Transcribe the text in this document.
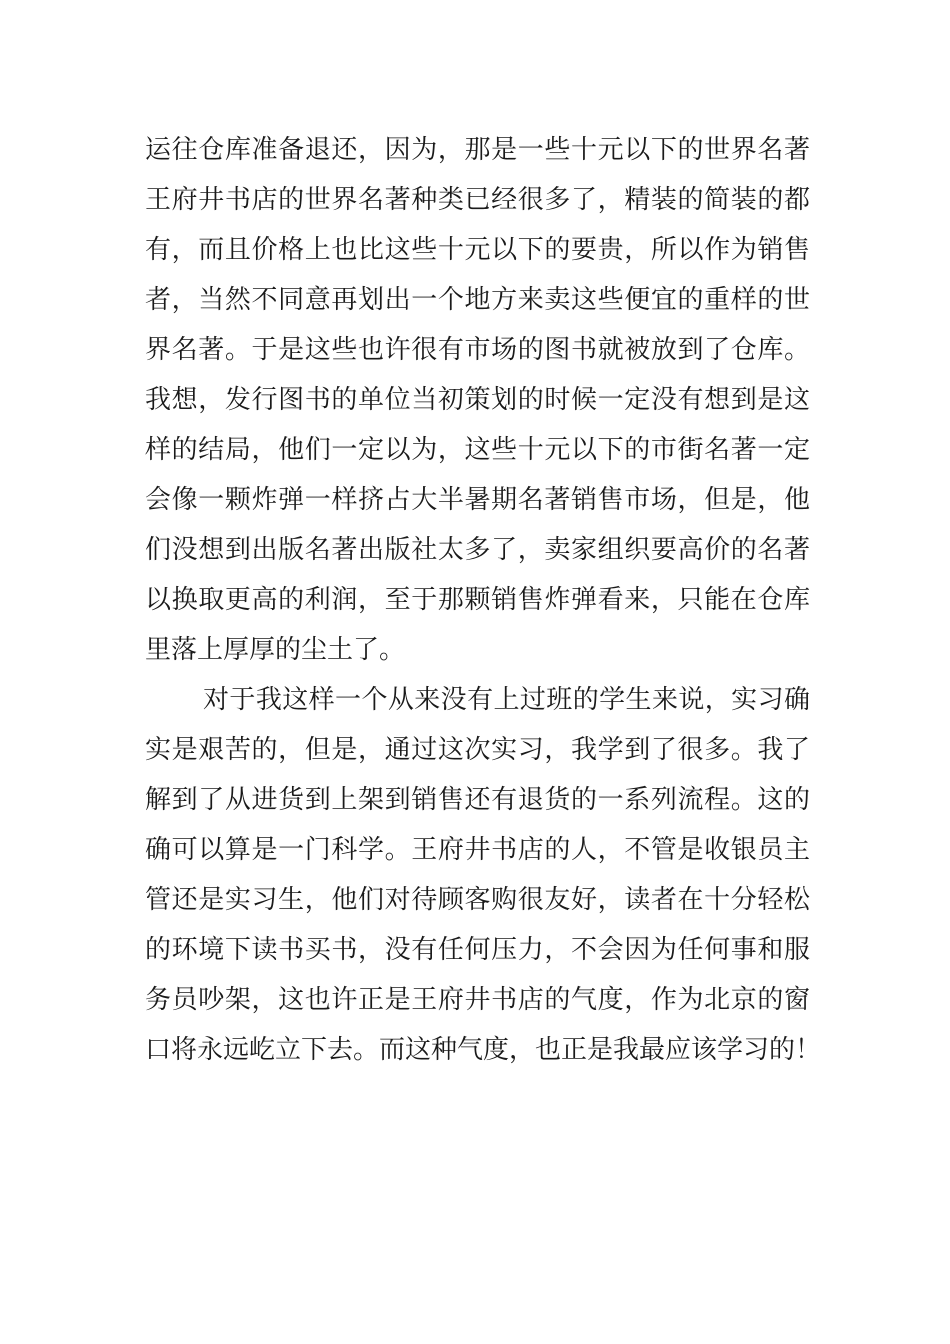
运往仓库准备退还，因为，那是一些十元以下的世界名著
王府井书店的世界名著种类已经很多了，精装的简装的都
有，而且价格上也比这些十元以下的要贵，所以作为销售
者，当然不同意再划出一个地方来卖这些便宜的重样的世
界名著。于是这些也许很有市场的图书就被放到了仓库。
我想，发行图书的单位当初策划的时候一定没有想到是这
样的结局，他们一定以为，这些十元以下的市街名著一定
会像一颗炸弹一样挤占大半暑期名著销售市场，但是，他
们没想到出版名著出版社太多了，卖家组织要高价的名著
以换取更高的利润，至于那颗销售炸弹看来，只能在仓库
里落上厚厚的尘土了。
对于我这样一个从来没有上过班的学生来说，实习确
实是艰苦的，但是，通过这次实习，我学到了很多。我了
解到了从进货到上架到销售还有退货的一系列流程。这的
确可以算是一门科学。王府井书店的人，不管是收银员主
管还是实习生，他们对待顾客购很友好，读者在十分轻松
的环境下读书买书，没有任何压力，不会因为任何事和服
务员吵架，这也许正是王府井书店的气度，作为北京的窗
口将永远屹立下去。而这种气度，也正是我最应该学习的！
